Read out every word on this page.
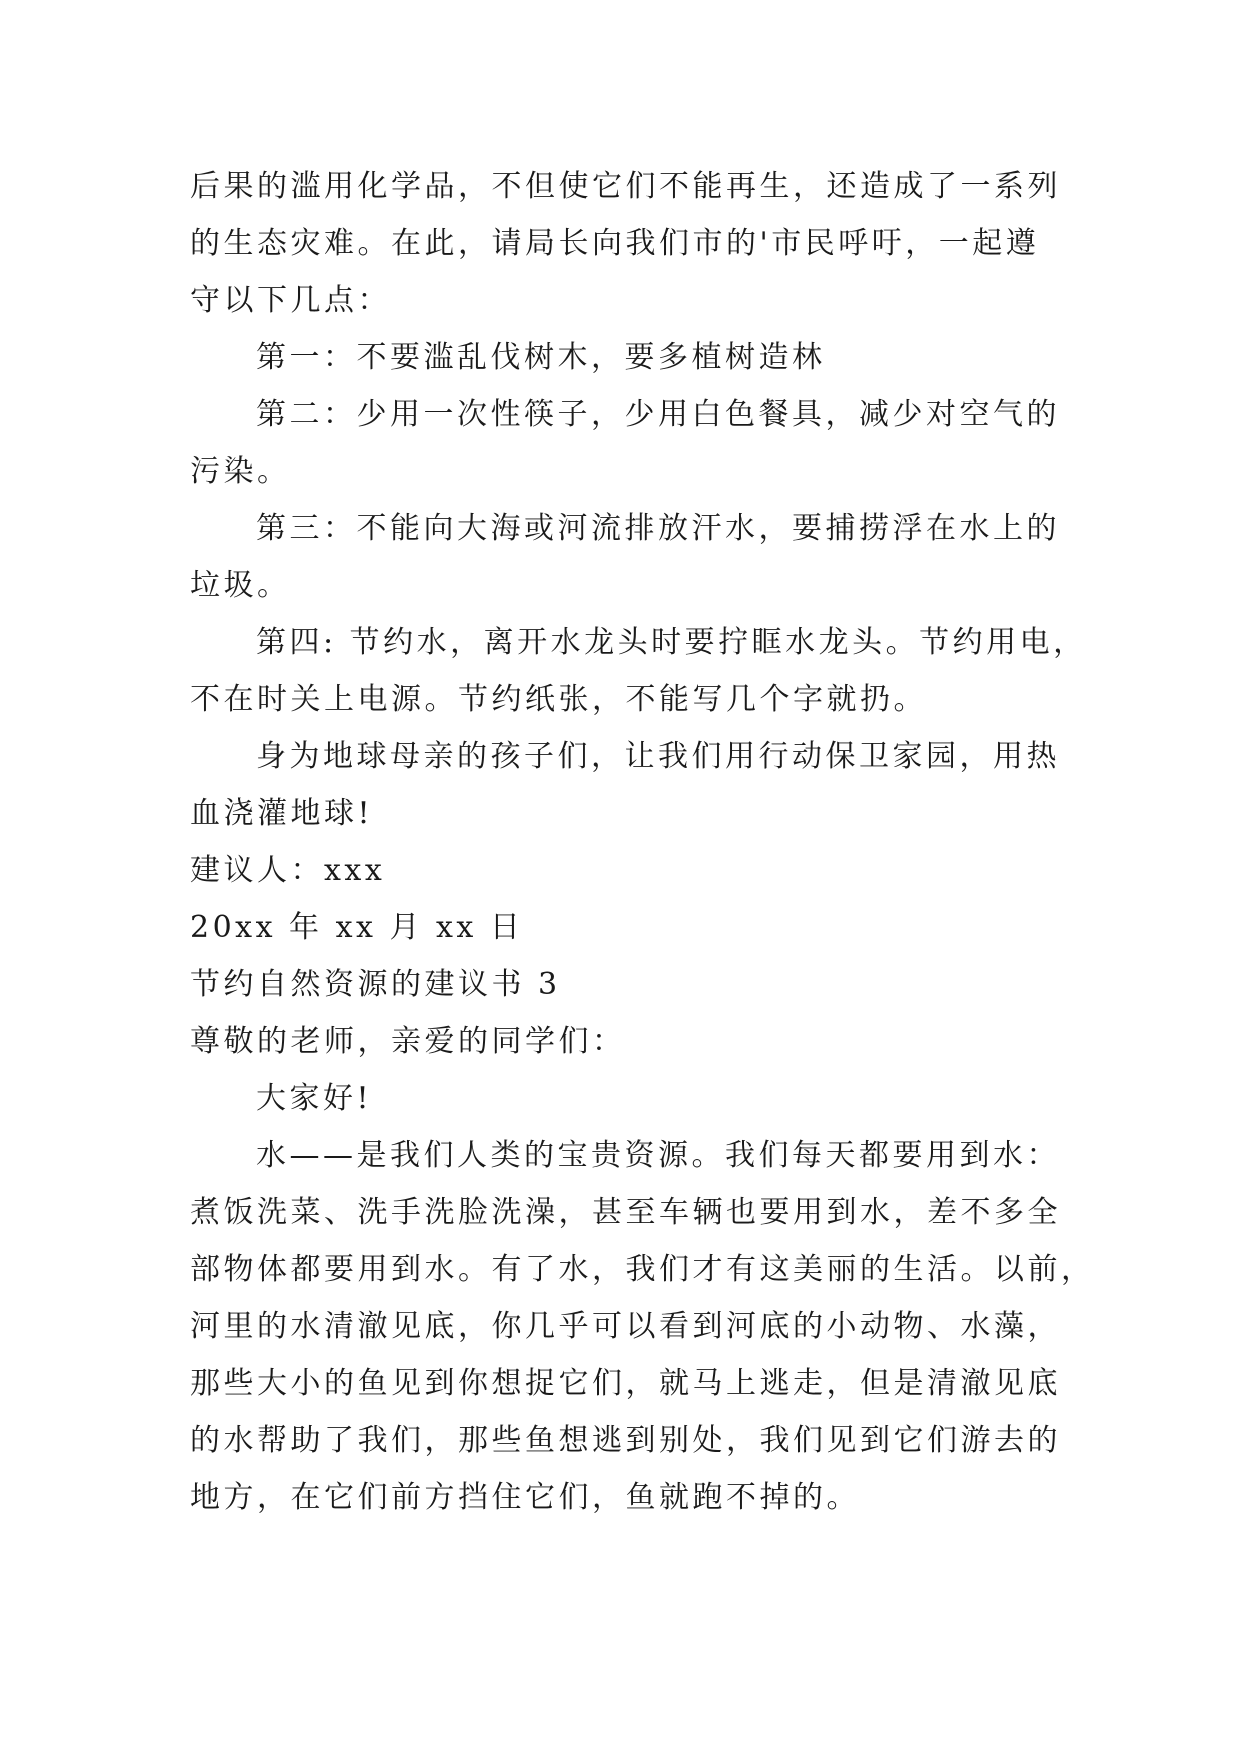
后果的滥用化学品，不但使它们不能再生，还造成了一系列
的生态灾难。在此，请局长向我们市的'市民呼吁，一起遵
守以下几点：
第一：不要滥乱伐树木，要多植树造林
第二：少用一次性筷子，少用白色餐具，减少对空气的
污染。
第三：不能向大海或河流排放汗水，要捕捞浮在水上的
垃圾。
第四: 节约水，离开水龙头时要拧眶水龙头。节约用电，
不在时关上电源。节约纸张，不能写几个字就扔。
身为地球母亲的孩子们，让我们用行动保卫家园，用热
血浇灌地球!
建议人：xxx
20xx 年 xx 月 xx 日
节约自然资源的建议书 3
尊敬的老师，亲爱的同学们：
大家好!
水——是我们人类的宝贵资源。我们每天都要用到水：
煮饭洗菜、洗手洗脸洗澡，甚至车辆也要用到水，差不多全
部物体都要用到水。有了水，我们才有这美丽的生活。以前，
河里的水清澈见底，你几乎可以看到河底的小动物、水藻，
那些大小的鱼见到你想捉它们，就马上逃走，但是清澈见底
的水帮助了我们，那些鱼想逃到别处，我们见到它们游去的
地方，在它们前方挡住它们，鱼就跑不掉的。
